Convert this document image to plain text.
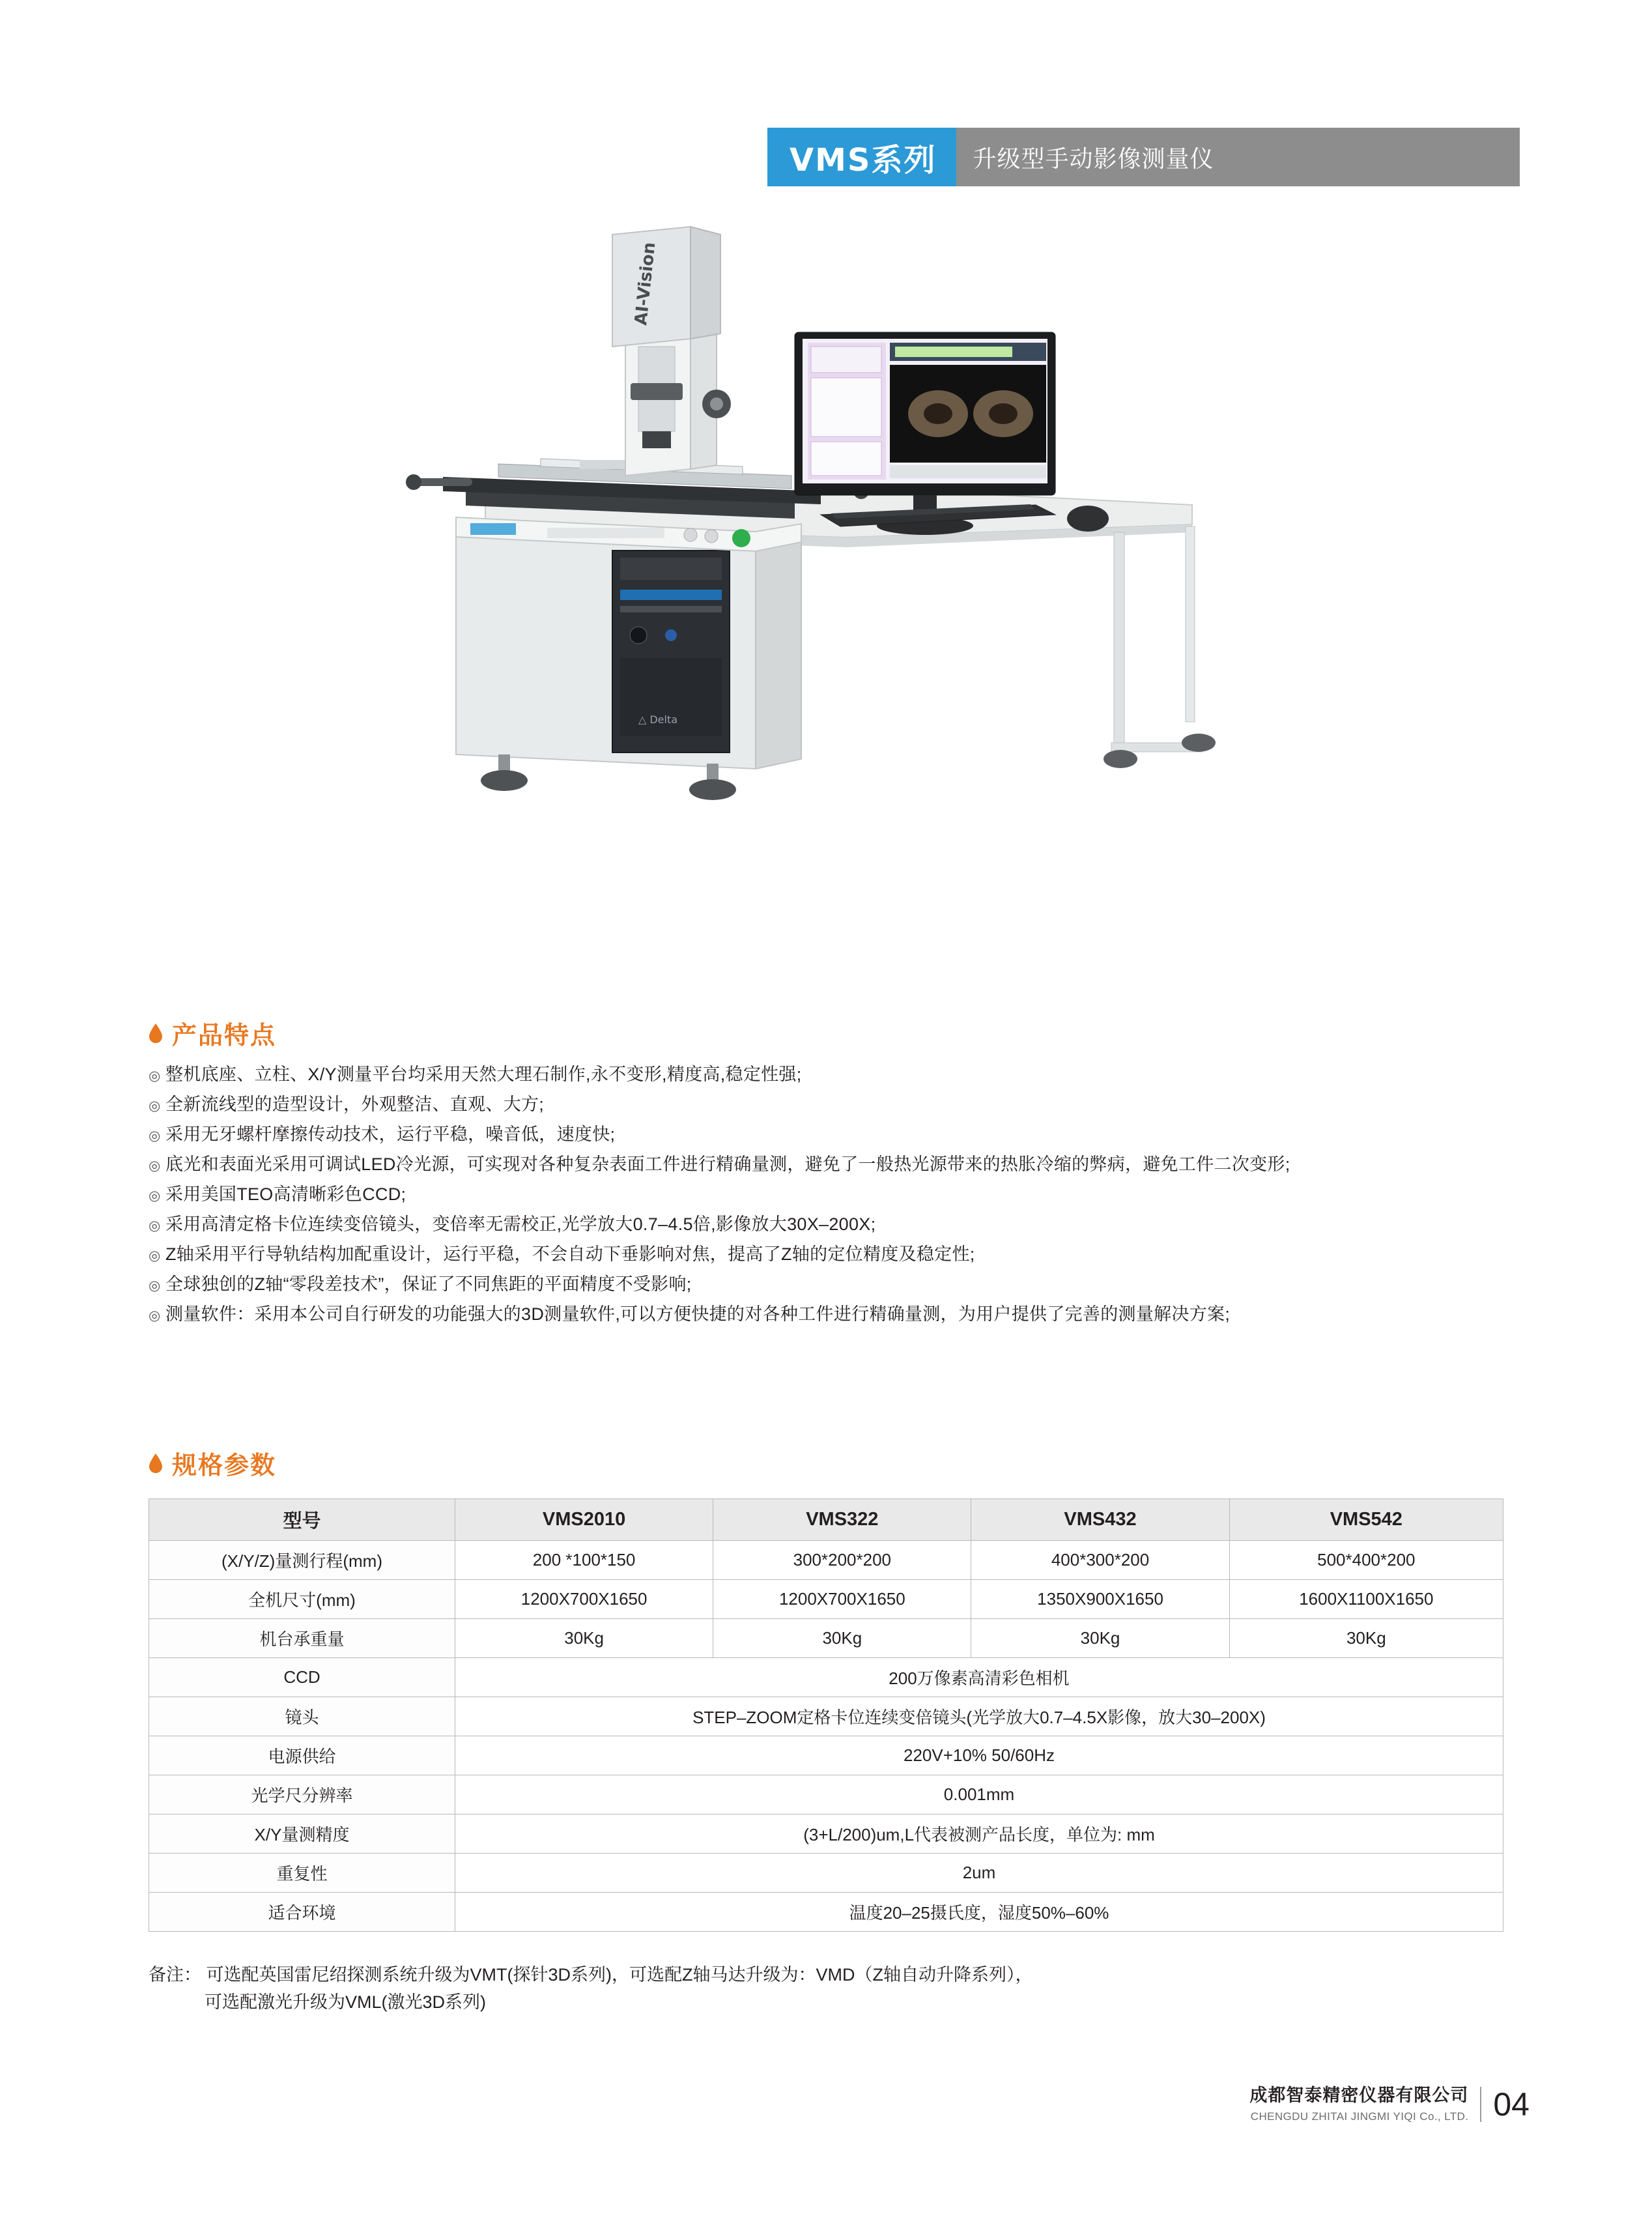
VMS系列	升级型手动影像测量仪
△ Delta
AI-Vision
产品特点
◎ 整机底座、立柱、X/Y测量平台均采用天然大理石制作,永不变形,精度高,稳定性强;
◎ 全新流线型的造型设计，外观整洁、直观、大方;
◎ 采用无牙螺杆摩擦传动技术，运行平稳，噪音低，速度快;
◎ 底光和表面光采用可调试LED冷光源，可实现对各种复杂表面工件进行精确量测，避免了一般热光源带来的热胀冷缩的弊病，避免工件二次变形;
◎ 采用美国TEO高清晰彩色CCD;
◎ 采用高清定格卡位连续变倍镜头，变倍率无需校正,光学放大0.7–4.5倍,影像放大30X–200X;
◎ Z轴采用平行导轨结构加配重设计，运行平稳，不会自动下垂影响对焦，提高了Z轴的定位精度及稳定性;
◎ 全球独创的Z轴“零段差技术”，保证了不同焦距的平面精度不受影响;
◎ 测量软件：采用本公司自行研发的功能强大的3D测量软件,可以方便快捷的对各种工件进行精确量测，为用户提供了完善的测量解决方案;
规格参数
型号	VMS2010	VMS322	VMS432	VMS542
(X/Y/Z)量测行程(mm)	200 *100*150	300*200*200	400*300*200	500*400*200
全机尺寸(mm)	1200X700X1650	1200X700X1650	1350X900X1650	1600X1100X1650
机台承重量	30Kg	30Kg	30Kg	30Kg
CCD	200万像素高清彩色相机			
镜头	STEP–ZOOM定格卡位连续变倍镜头(光学放大0.7–4.5X影像，放大30–200X)			
电源供给	220V+10% 50/60Hz			
光学尺分辨率	0.001mm			
X/Y量测精度	(3+L/200)um,L代表被测产品长度，单位为: mm			
重复性	2um			
适合环境	温度20–25摄氏度，湿度50%–60%			
备注： 可选配英国雷尼绍探测系统升级为VMT(探针3D系列)，可选配Z轴马达升级为：VMD（Z轴自动升降系列），
可选配激光升级为VML(激光3D系列)
成都智泰精密仪器有限公司
CHENGDU ZHITAI JINGMI YIQI Co., LTD. 04
